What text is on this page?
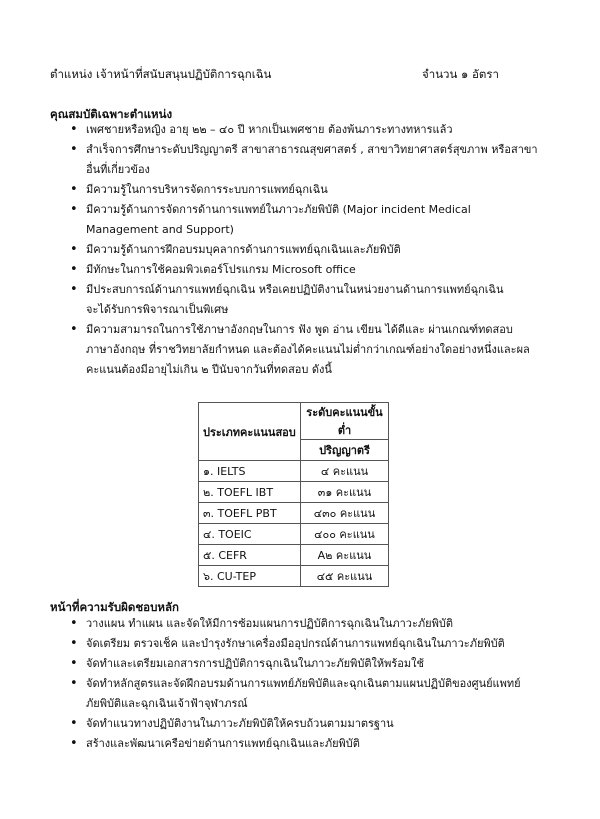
ตำแหน่ง เจ้าหน้าที่สนับสนุนปฏิบัติการฉุกเฉิน	จำนวน ๑ อัตรา
คุณสมบัติเฉพาะตำแหน่ง
• เพศชายหรือหญิง อายุ ๒๒ – ๔๐ ปี หากเป็นเพศชาย ต้องพ้นภาระทางทหารแล้ว
• สำเร็จการศึกษาระดับปริญญาตรี สาขาสาธารณสุขศาสตร์ , สาขาวิทยาศาสตร์สุขภาพ หรือสาขา
อื่นที่เกี่ยวข้อง
• มีความรู้ในการบริหารจัดการระบบการแพทย์ฉุกเฉิน
• มีความรู้ด้านการจัดการด้านการแพทย์ในภาวะภัยพิบัติ (Major incident Medical
Management and Support)
• มีความรู้ด้านการฝึกอบรมบุคลากรด้านการแพทย์ฉุกเฉินและภัยพิบัติ
• มีทักษะในการใช้คอมพิวเตอร์โปรแกรม Microsoft office
• มีประสบการณ์ด้านการแพทย์ฉุกเฉิน หรือเคยปฏิบัติงานในหน่วยงานด้านการแพทย์ฉุกเฉิน
จะได้รับการพิจารณาเป็นพิเศษ
• มีความสามารถในการใช้ภาษาอังกฤษในการ ฟัง พูด อ่าน เขียน ได้ดีและ ผ่านเกณฑ์ทดสอบ
ภาษาอังกฤษ ที่ราชวิทยาลัยกำหนด และต้องได้คะแนนไม่ต่ำกว่าเกณฑ์อย่างใดอย่างหนึ่งและผล
คะแนนต้องมีอายุไม่เกิน ๒ ปีนับจากวันที่ทดสอบ ดังนี้
ประเภทคะแนนสอบ	ระดับคะแนนขั้นต่ำ
	ปริญญาตรี
๑. IELTS	๔ คะแนน
๒. TOEFL IBT	๓๑ คะแนน
๓. TOEFL PBT	๔๓๐ คะแนน
๔. TOEIC	๔๐๐ คะแนน
๕. CEFR	A๒ คะแนน
๖. CU-TEP	๔๕ คะแนน
หน้าที่ความรับผิดชอบหลัก
• วางแผน ทำแผน และจัดให้มีการซ้อมแผนการปฏิบัติการฉุกเฉินในภาวะภัยพิบัติ
• จัดเตรียม ตรวจเช็ค และบำรุงรักษาเครื่องมืออุปกรณ์ด้านการแพทย์ฉุกเฉินในภาวะภัยพิบัติ
• จัดทำและเตรียมเอกสารการปฏิบัติการฉุกเฉินในภาวะภัยพิบัติให้พร้อมใช้
• จัดทำหลักสูตรและจัดฝึกอบรมด้านการแพทย์ภัยพิบัติและฉุกเฉินตามแผนปฏิบัติของศูนย์แพทย์
ภัยพิบัติและฉุกเฉินเจ้าฟ้าจุฬาภรณ์
• จัดทำแนวทางปฏิบัติงานในภาวะภัยพิบัติให้ครบถ้วนตามมาตรฐาน
• สร้างและพัฒนาเครือข่ายด้านการแพทย์ฉุกเฉินและภัยพิบัติ
